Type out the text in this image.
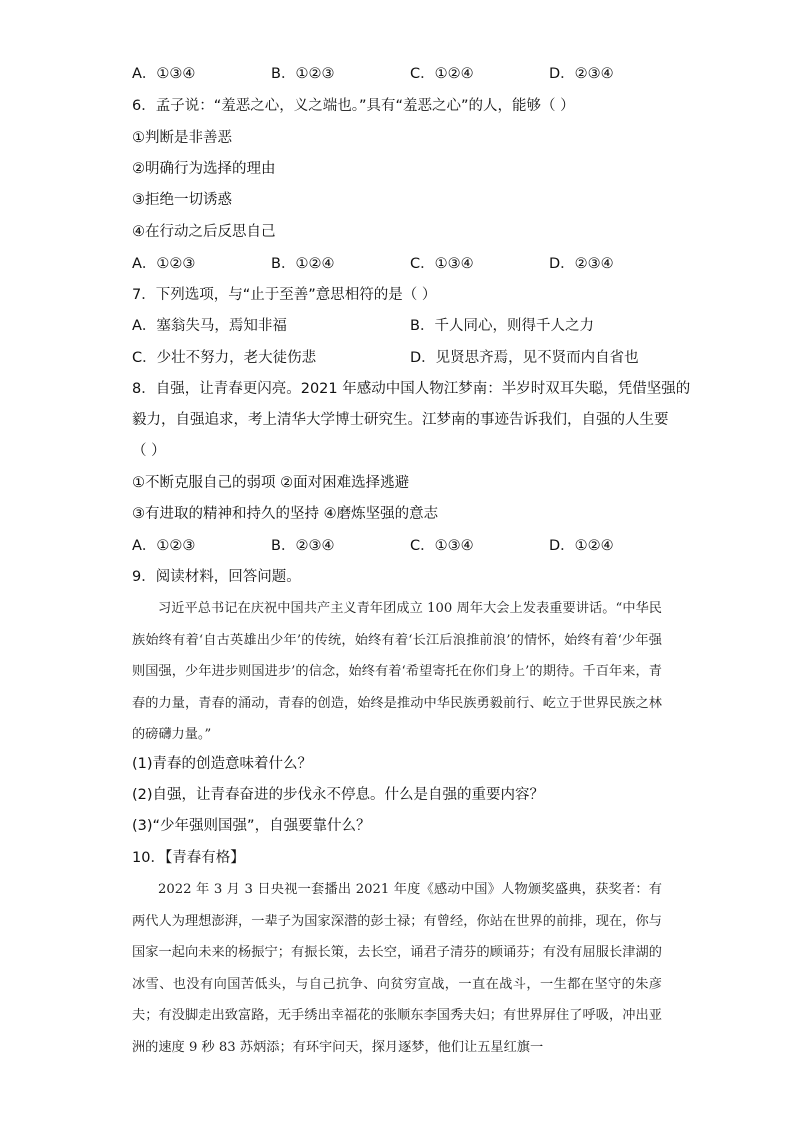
A．①③④	B．①②③	C．①②④	D．②③④
6．孟子说：“羞恶之心，义之端也。”具有“羞恶之心”的人，能够（ ）
①判断是非善恶
②明确行为选择的理由
③拒绝一切诱惑
④在行动之后反思自己
A．①②③	B．①②④	C．①③④	D．②③④
7．下列选项，与“止于至善”意思相符的是（ ）
A．塞翁失马，焉知非福	B．千人同心，则得千人之力
C．少壮不努力，老大徒伤悲	D．见贤思齐焉，见不贤而内自省也
8．自强，让青春更闪亮。2021 年感动中国人物江梦南：半岁时双耳失聪，凭借坚强的
毅力，自强追求，考上清华大学博士研究生。江梦南的事迹告诉我们，自强的人生要
（ ）
①不断克服自己的弱项 ②面对困难选择逃避
③有进取的精神和持久的坚持 ④磨炼坚强的意志
A．①②③	B．②③④	C．①③④	D．①②④
9．阅读材料，回答问题。

习近平总书记在庆祝中国共产主义青年团成立 100 周年大会上发表重要讲话。“中华民族始终有着‘自古英雄出少年’的传统，始终有着‘长江后浪推前浪’的情怀，始终有着‘少年强则国强，少年进步则国进步’的信念，始终有着‘希望寄托在你们身上’的期待。千百年来，青春的力量，青春的涌动，青春的创造，始终是推动中华民族勇毅前行、屹立于世界民族之林的磅礴力量。”

(1)青春的创造意味着什么？
(2)自强，让青春奋进的步伐永不停息。什么是自强的重要内容？
(3)“少年强则国强”，自强要靠什么？
10．【青春有格】

2022 年 3 月 3 日央视一套播出 2021 年度《感动中国》人物颁奖盛典，获奖者：有两代人为理想澎湃，一辈子为国家深潜的彭士禄；有曾经，你站在世界的前排，现在，你与国家一起向未来的杨振宁；有振长策，去长空，诵君子清芬的顾诵芬；有没有屈服长津湖的冰雪、也没有向国苦低头，与自己抗争、向贫穷宣战，一直在战斗，一生都在坚守的朱彦夫；有没脚走出致富路，无手绣出幸福花的张顺东李国秀夫妇；有世界屏住了呼吸，冲出亚洲的速度 9 秒 83 苏炳添；有环宇问天，探月逐梦，他们让五星红旗一
